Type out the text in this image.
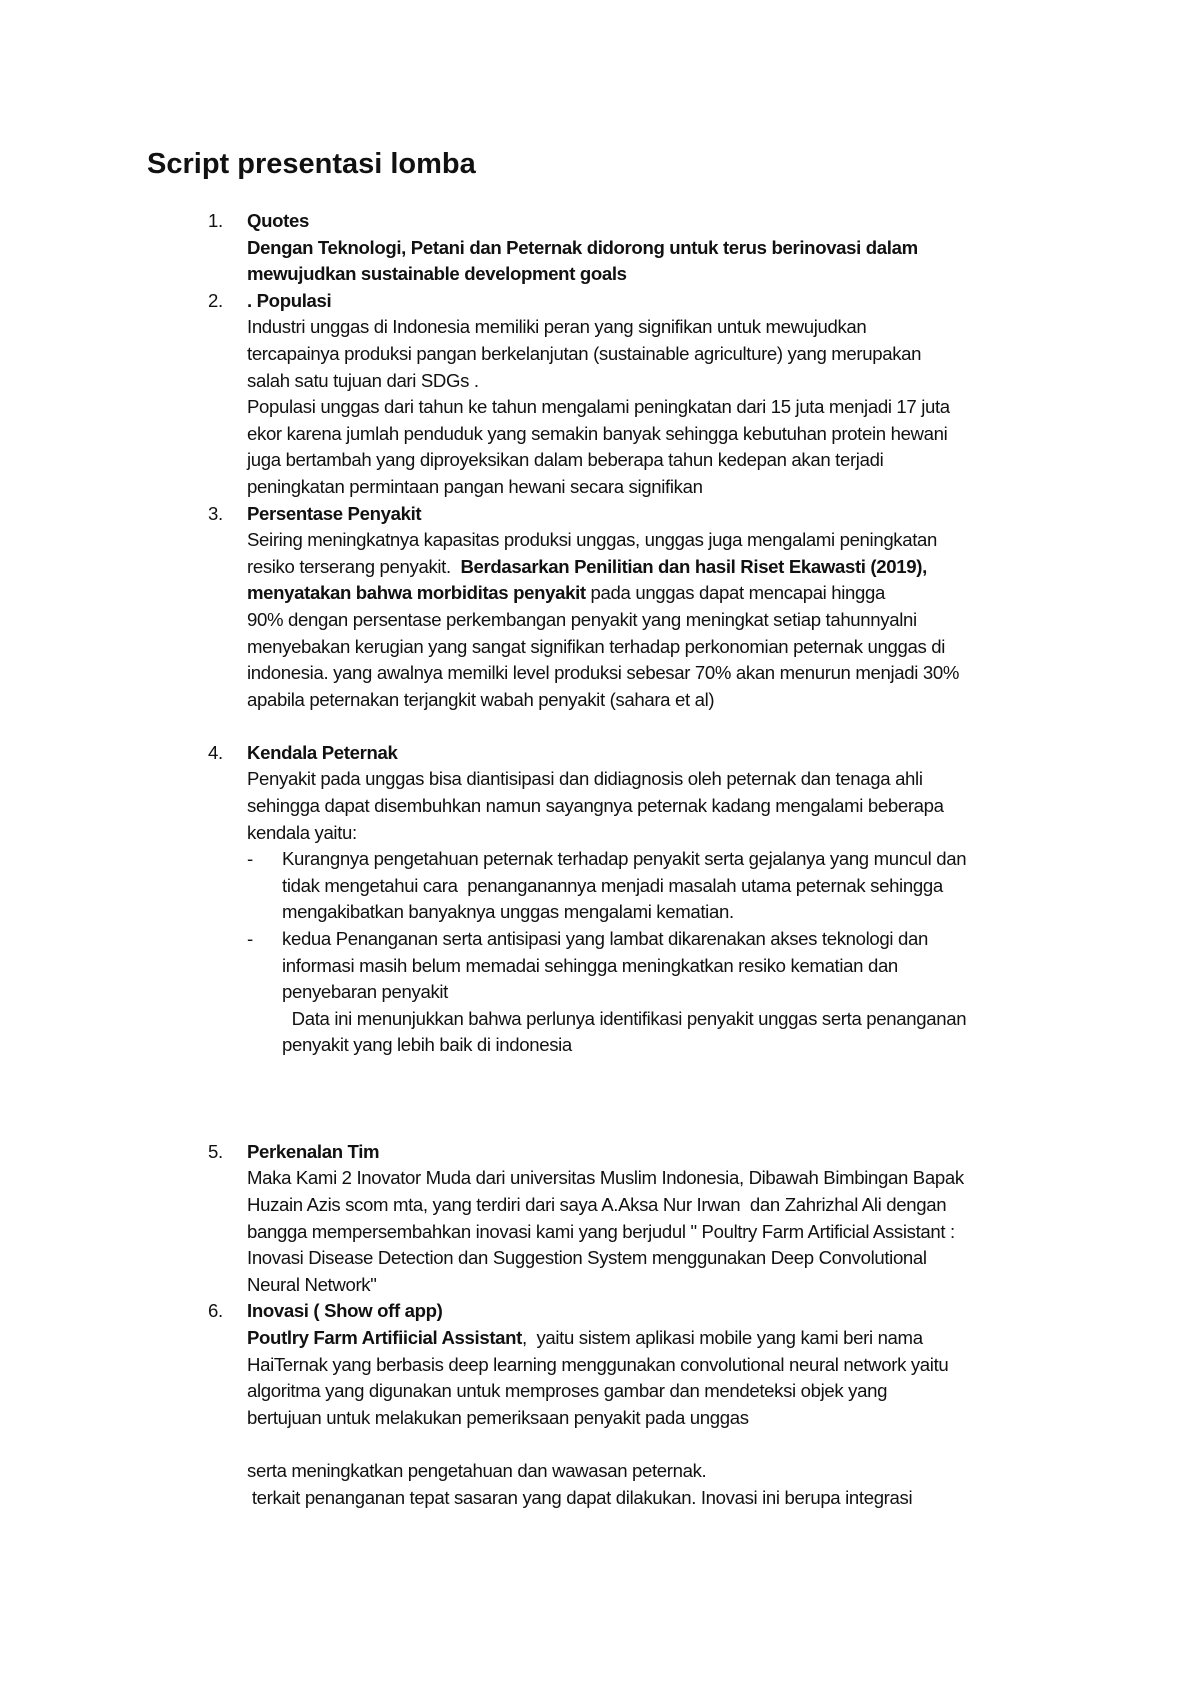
Script presentasi lomba
1. Quotes
Dengan Teknologi, Petani dan Peternak didorong untuk terus berinovasi dalam
mewujudkan sustainable development goals
2. . Populasi
Industri unggas di Indonesia memiliki peran yang signifikan untuk mewujudkan
tercapainya produksi pangan berkelanjutan (sustainable agriculture) yang merupakan
salah satu tujuan dari SDGs .
Populasi unggas dari tahun ke tahun mengalami peningkatan dari 15 juta menjadi 17 juta
ekor karena jumlah penduduk yang semakin banyak sehingga kebutuhan protein hewani
juga bertambah yang diproyeksikan dalam beberapa tahun kedepan akan terjadi
peningkatan permintaan pangan hewani secara signifikan
3. Persentase Penyakit
Seiring meningkatnya kapasitas produksi unggas, unggas juga mengalami peningkatan
resiko terserang penyakit.  Berdasarkan Penilitian dan hasil Riset Ekawasti (2019),
menyatakan bahwa morbiditas penyakit pada unggas dapat mencapai hingga
90% dengan persentase perkembangan penyakit yang meningkat setiap tahunnyalni
menyebakan kerugian yang sangat signifikan terhadap perkonomian peternak unggas di
indonesia. yang awalnya memilki level produksi sebesar 70% akan menurun menjadi 30%
apabila peternakan terjangkit wabah penyakit (sahara et al)
4. Kendala Peternak
Penyakit pada unggas bisa diantisipasi dan didiagnosis oleh peternak dan tenaga ahli
sehingga dapat disembuhkan namun sayangnya peternak kadang mengalami beberapa
kendala yaitu:
- Kurangnya pengetahuan peternak terhadap penyakit serta gejalanya yang muncul dan
tidak mengetahui cara  penanganannya menjadi masalah utama peternak sehingga
mengakibatkan banyaknya unggas mengalami kematian.
- kedua Penanganan serta antisipasi yang lambat dikarenakan akses teknologi dan
informasi masih belum memadai sehingga meningkatkan resiko kematian dan
penyebaran penyakit
Data ini menunjukkan bahwa perlunya identifikasi penyakit unggas serta penanganan
penyakit yang lebih baik di indonesia
5. Perkenalan Tim
Maka Kami 2 Inovator Muda dari universitas Muslim Indonesia, Dibawah Bimbingan Bapak
Huzain Azis scom mta, yang terdiri dari saya A.Aksa Nur Irwan  dan Zahrizhal Ali dengan
bangga mempersembahkan inovasi kami yang berjudul " Poultry Farm Artificial Assistant :
Inovasi Disease Detection dan Suggestion System menggunakan Deep Convolutional
Neural Network"
6. Inovasi ( Show off app)
Poutlry Farm Artifiicial Assistant,  yaitu sistem aplikasi mobile yang kami beri nama
HaiTernak yang berbasis deep learning menggunakan convolutional neural network yaitu
algoritma yang digunakan untuk memproses gambar dan mendeteksi objek yang
bertujuan untuk melakukan pemeriksaan penyakit pada unggas
serta meningkatkan pengetahuan dan wawasan peternak.
terkait penanganan tepat sasaran yang dapat dilakukan. Inovasi ini berupa integrasi
